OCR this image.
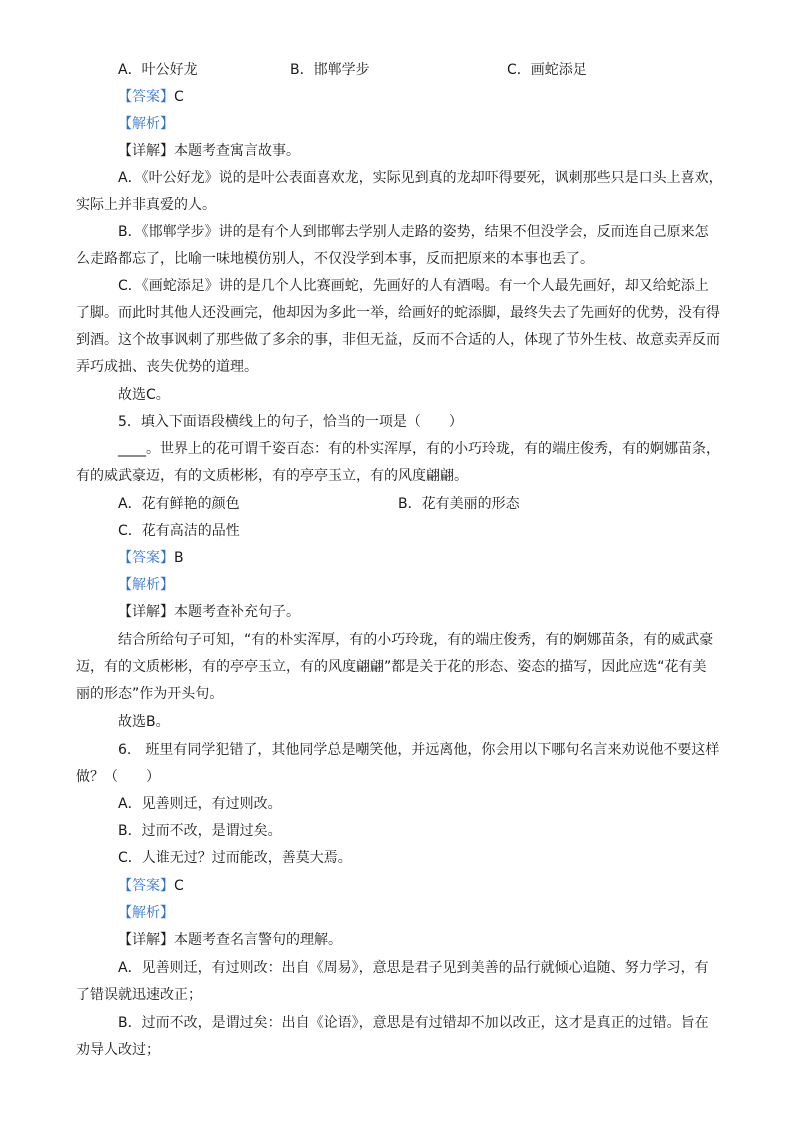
A．叶公好龙	B．邯郸学步	C．画蛇添足
【答案】C
【解析】
【详解】本题考查寓言故事。
A．《叶公好龙》说的是叶公表面喜欢龙，实际见到真的龙却吓得要死，讽刺那些只是口头上喜欢，
实际上并非真爱的人。
B．《邯郸学步》讲的是有个人到邯郸去学别人走路的姿势，结果不但没学会，反而连自己原来怎
么走路都忘了，比喻一味地模仿别人，不仅没学到本事，反而把原来的本事也丢了。
C．《画蛇添足》讲的是几个人比赛画蛇，先画好的人有酒喝。有一个人最先画好，却又给蛇添上
了脚。而此时其他人还没画完，他却因为多此一举，给画好的蛇添脚，最终失去了先画好的优势，没有得
到酒。这个故事讽刺了那些做了多余的事，非但无益，反而不合适的人，体现了节外生枝、故意卖弄反而
弄巧成拙、丧失优势的道理。
故选C。
5．填入下面语段横线上的句子，恰当的一项是（　　）
____。世界上的花可谓千姿百态：有的朴实浑厚，有的小巧玲珑，有的端庄俊秀，有的婀娜苗条，
有的威武豪迈，有的文质彬彬，有的亭亭玉立，有的风度翩翩。
A．花有鲜艳的颜色	B．花有美丽的形态
C．花有高洁的品性
【答案】B
【解析】
【详解】本题考查补充句子。
结合所给句子可知，“有的朴实浑厚，有的小巧玲珑，有的端庄俊秀，有的婀娜苗条，有的威武豪
迈，有的文质彬彬，有的亭亭玉立，有的风度翩翩”都是关于花的形态、姿态的描写，因此应选“花有美
丽的形态”作为开头句。
故选B。
6.　班里有同学犯错了，其他同学总是嘲笑他，并远离他，你会用以下哪句名言来劝说他不要这样
做？（　　）
A．见善则迁，有过则改。
B．过而不改，是谓过矣。
C．人谁无过？过而能改，善莫大焉。
【答案】C
【解析】
【详解】本题考查名言警句的理解。
A．见善则迁，有过则改：出自《周易》，意思是君子见到美善的品行就倾心追随、努力学习，有
了错误就迅速改正；
B．过而不改，是谓过矣：出自《论语》，意思是有过错却不加以改正，这才是真正的过错。旨在
劝导人改过；
